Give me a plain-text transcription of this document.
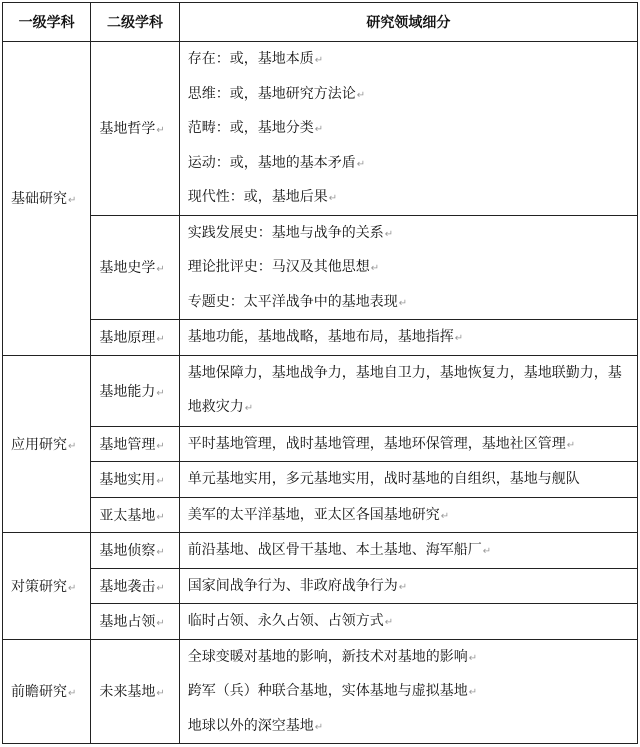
一级学科	二级学科	研究领域细分
基础研究↵	基地哲学↵	存在：或，基地本质↵
思维：或，基地研究方法论↵
范畴：或，基地分类↵
运动：或，基地的基本矛盾↵
现代性：或，基地后果↵

	基地史学↵	实践发展史：基地与战争的关系↵
理论批评史：马汉及其他思想↵
专题史：太平洋战争中的基地表现↵

	基地原理↵	基地功能，基地战略，基地布局，基地指挥↵

应用研究↵	基地能力↵	基地保障力，基地战争力，基地自卫力，基地恢复力，基地联勤力，基地救灾力↵
	基地管理↵	平时基地管理，战时基地管理，基地环保管理，基地社区管理↵

	基地实用↵	单元基地实用，多元基地实用，战时基地的自组织，基地与舰队

	亚太基地↵	美军的太平洋基地，亚太区各国基地研究↵

对策研究↵	基地侦察↵	前沿基地、战区骨干基地、本土基地、海军船厂↵

	基地袭击↵	国家间战争行为、非政府战争行为↵

	基地占领↵	临时占领、永久占领、占领方式↵

前瞻研究↵	未来基地↵	全球变暖对基地的影响，新技术对基地的影响↵
跨军（兵）种联合基地，实体基地与虚拟基地↵
地球以外的深空基地↵
